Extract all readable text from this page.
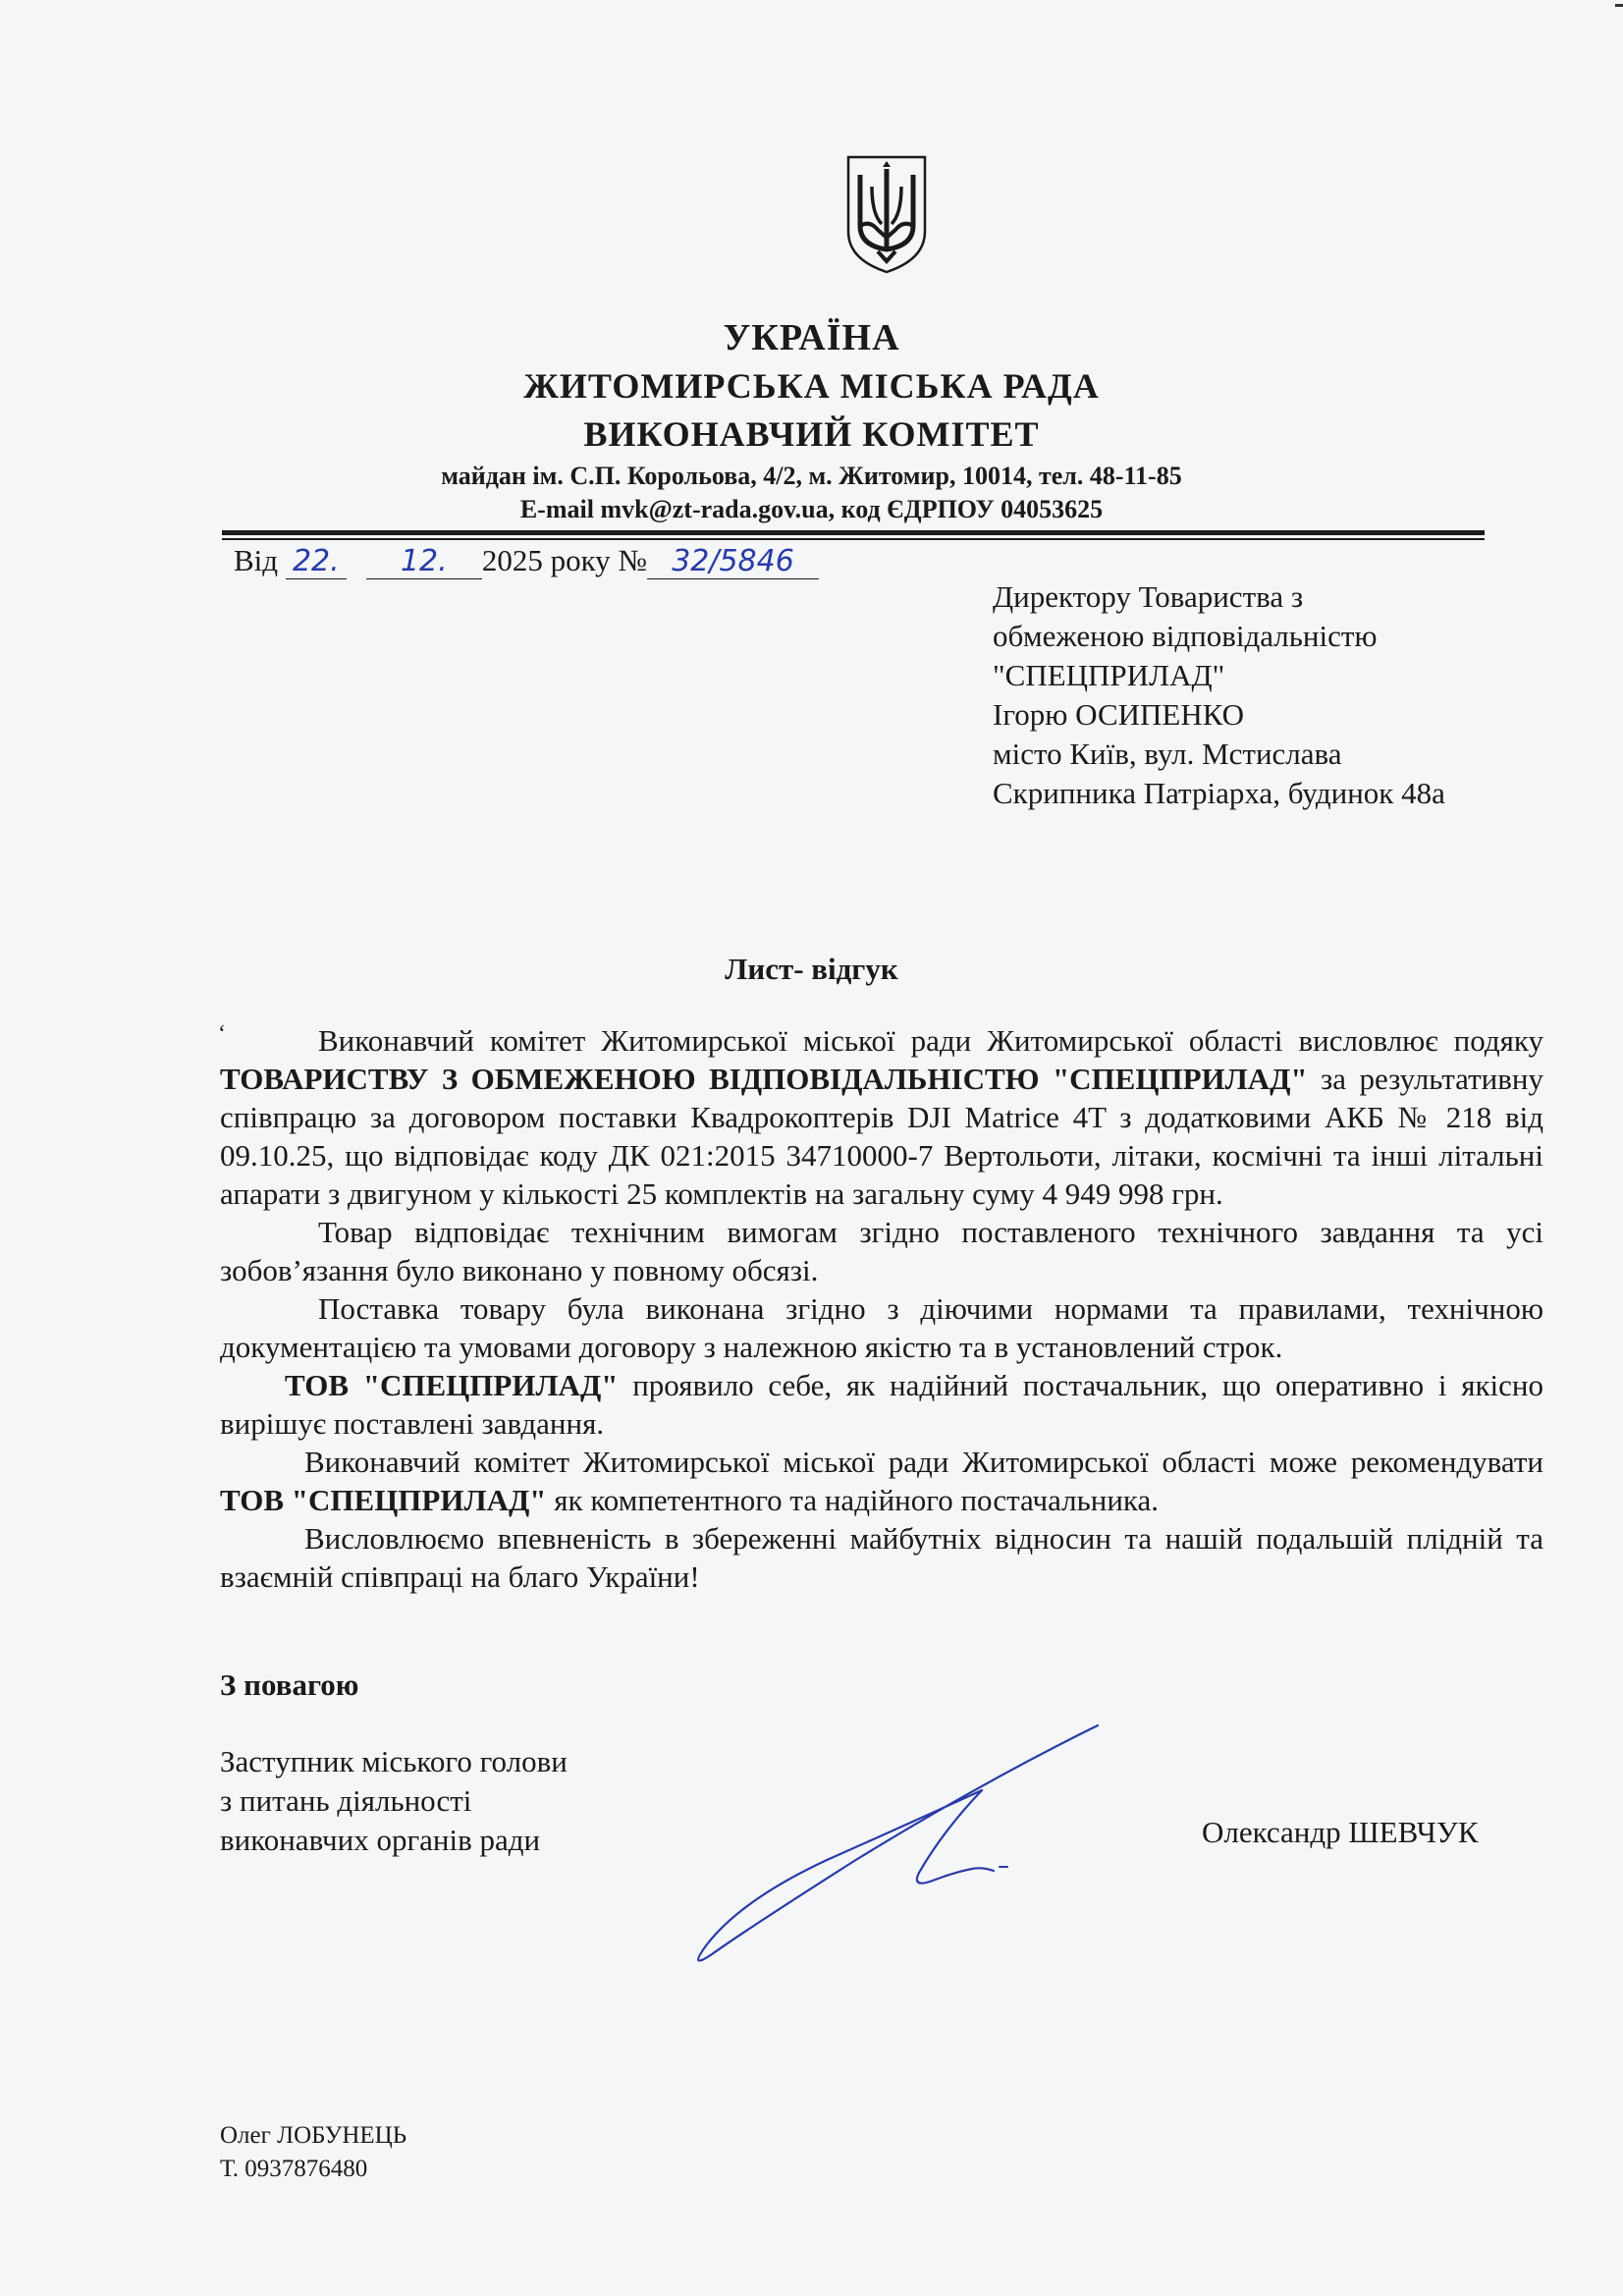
УКРАЇНА
ЖИТОМИРСЬКА МІСЬКА РАДА
ВИКОНАВЧИЙ КОМІТЕТ
майдан ім. С.П. Корольова, 4/2, м. Житомир, 10014, тел. 48-11-85
E-mail mvk@zt-rada.gov.ua, код ЄДРПОУ 04053625
Від 22. 12. 2025 року № 32/5846
Директору Товариства з
обмеженою відповідальністю
"СПЕЦПРИЛАД"
Ігорю ОСИПЕНКО
місто Київ, вул. Мстислава
Скрипника Патріарха, будинок 48а
Лист- відгук
‘	Виконавчий комітет Житомирської міської ради Житомирської області висловлює подяку ТОВАРИСТВУ З ОБМЕЖЕНОЮ ВІДПОВІДАЛЬНІСТЮ "СПЕЦПРИЛАД" за результативну співпрацю за договором поставки Квадрокоптерів DJI Matrice 4T з додатковими АКБ № 218 від 09.10.25, що відповідає коду ДК 021:2015 34710000-7 Вертольоти, літаки, космічні та інші літальні апарати з двигуном у кількості 25 комплектів на загальну суму 4 949 998 грн.

Товар відповідає технічним вимогам згідно поставленого технічного завдання та усі зобов’язання було виконано у повному обсязі.

Поставка товару була виконана згідно з діючими нормами та правилами, технічною документацією та умовами договору з належною якістю та в установлений строк.

ТОВ "СПЕЦПРИЛАД" проявило себе, як надійний постачальник, що оперативно і якісно вирішує поставлені завдання.

Виконавчий комітет Житомирської міської ради Житомирської області може рекомендувати ТОВ "СПЕЦПРИЛАД" як компетентного та надійного постачальника.

Висловлюємо впевненість в збереженні майбутніх відносин та нашій подальшій плідній та взаємній співпраці на благо України!

З повагою
Заступник міського голови
з питань діяльності
виконавчих органів ради	Олександр ШЕВЧУК
Олег ЛОБУНЕЦЬ
Т. 0937876480
